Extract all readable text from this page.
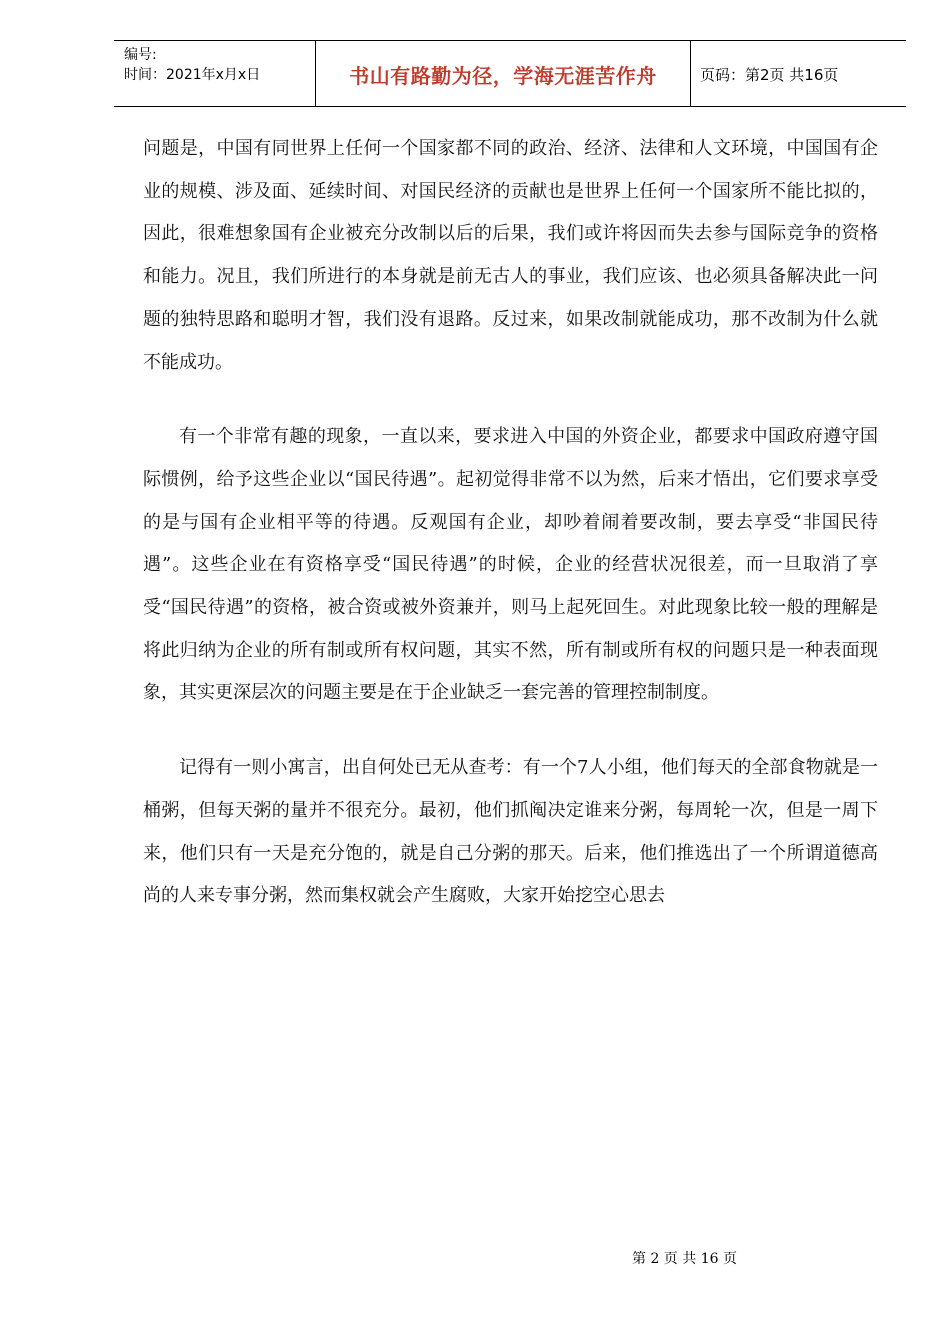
编号:
时间：2021年x月x日	书山有路勤为径，学海无涯苦作舟	页码：第2页 共16页

问题是，中国有同世界上任何一个国家都不同的政治、经济、法律和人文环境，中国国有企业的规模、涉及面、延续时间、对国民经济的贡献也是世界上任何一个国家所不能比拟的，因此，很难想象国有企业被充分改制以后的后果，我们或许将因而失去参与国际竞争的资格和能力。况且，我们所进行的本身就是前无古人的事业，我们应该、也必须具备解决此一问题的独特思路和聪明才智，我们没有退路。反过来，如果改制就能成功，那不改制为什么就不能成功。

有一个非常有趣的现象，一直以来，要求进入中国的外资企业，都要求中国政府遵守国际惯例，给予这些企业以“国民待遇”。起初觉得非常不以为然，后来才悟出，它们要求享受的是与国有企业相平等的待遇。反观国有企业，却吵着闹着要改制，要去享受“非国民待遇”。这些企业在有资格享受“国民待遇”的时候，企业的经营状况很差，而一旦取消了享受“国民待遇”的资格，被合资或被外资兼并，则马上起死回生。对此现象比较一般的理解是将此归纳为企业的所有制或所有权问题，其实不然，所有制或所有权的问题只是一种表面现象，其实更深层次的问题主要是在于企业缺乏一套完善的管理控制制度。

记得有一则小寓言，出自何处已无从查考：有一个7人小组，他们每天的全部食物就是一桶粥，但每天粥的量并不很充分。最初，他们抓阄决定谁来分粥，每周轮一次，但是一周下来，他们只有一天是充分饱的，就是自己分粥的那天。后来，他们推选出了一个所谓道德高尚的人来专事分粥，然而集权就会产生腐败，大家开始挖空心思去

第 2 页 共 16 页
